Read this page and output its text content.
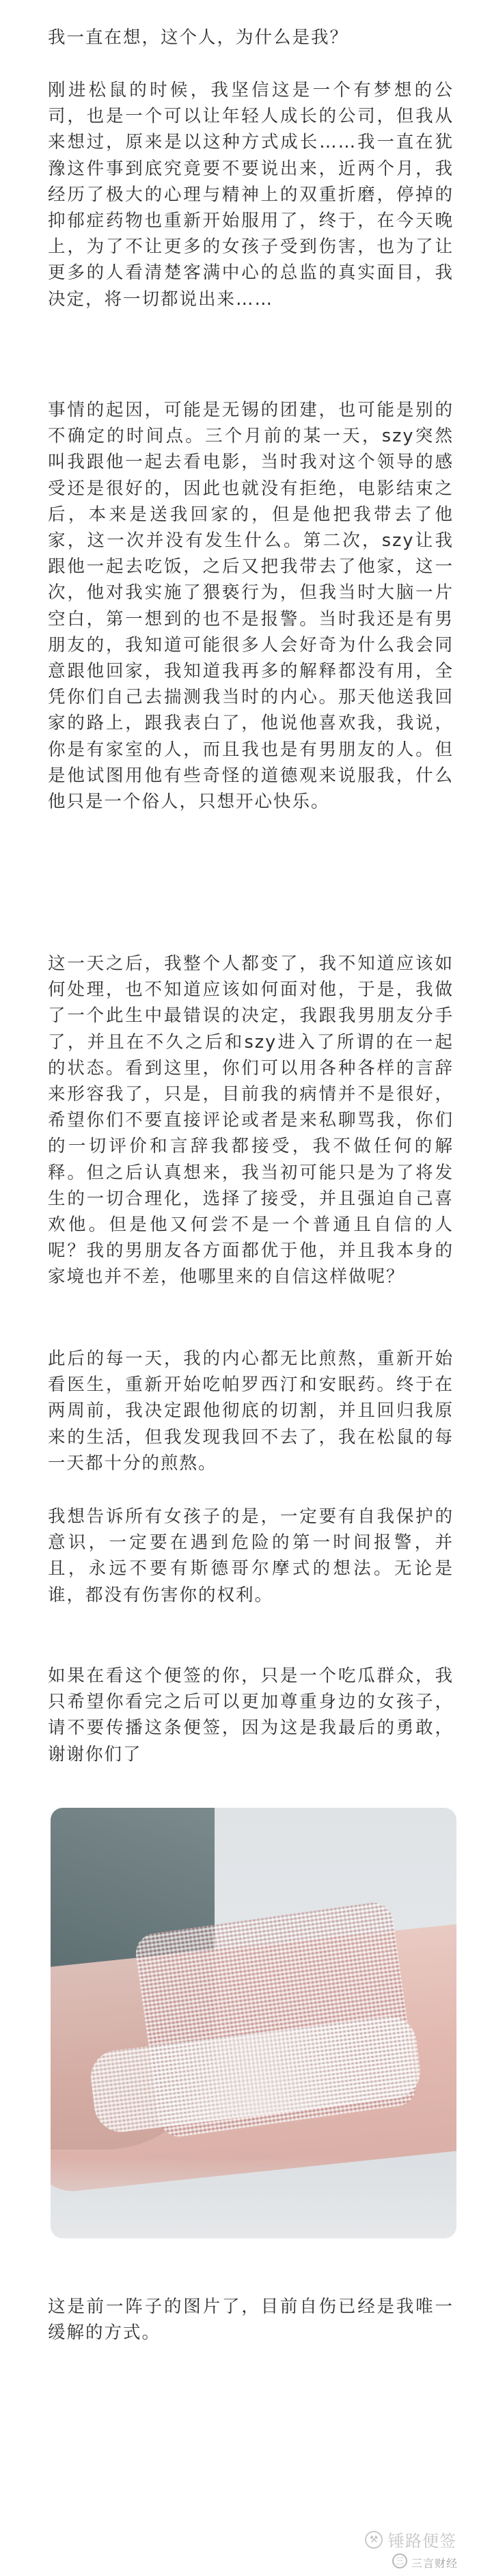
我一直在想，这个人，为什么是我？

刚进松鼠的时候，我坚信这是一个有梦想的公司，也是一个可以让年轻人成长的公司，但我从来想过，原来是以这种方式成长……我一直在犹豫这件事到底究竟要不要说出来，近两个月，我经历了极大的心理与精神上的双重折磨，停掉的抑郁症药物也重新开始服用了，终于，在今天晚上，为了不让更多的女孩子受到伤害，也为了让更多的人看清楚客满中心的总监的真实面目，我决定，将一切都说出来……

事情的起因，可能是无锡的团建，也可能是别的不确定的时间点。三个月前的某一天，szy突然叫我跟他一起去看电影，当时我对这个领导的感受还是很好的，因此也就没有拒绝，电影结束之后，本来是送我回家的，但是他把我带去了他家，这一次并没有发生什么。第二次，szy让我跟他一起去吃饭，之后又把我带去了他家，这一次，他对我实施了猥亵行为，但我当时大脑一片空白，第一想到的也不是报警。当时我还是有男朋友的，我知道可能很多人会好奇为什么我会同意跟他回家，我知道我再多的解释都没有用，全凭你们自己去揣测我当时的内心。那天他送我回家的路上，跟我表白了，他说他喜欢我，我说，你是有家室的人，而且我也是有男朋友的人。但是他试图用他有些奇怪的道德观来说服我，什么他只是一个俗人，只想开心快乐。

这一天之后，我整个人都变了，我不知道应该如何处理，也不知道应该如何面对他，于是，我做了一个此生中最错误的决定，我跟我男朋友分手了，并且在不久之后和szy进入了所谓的在一起的状态。看到这里，你们可以用各种各样的言辞来形容我了，只是，目前我的病情并不是很好，希望你们不要直接评论或者是来私聊骂我，你们的一切评价和言辞我都接受，我不做任何的解释。但之后认真想来，我当初可能只是为了将发生的一切合理化，选择了接受，并且强迫自己喜欢他。但是他又何尝不是一个普通且自信的人呢？我的男朋友各方面都优于他，并且我本身的家境也并不差，他哪里来的自信这样做呢？

此后的每一天，我的内心都无比煎熬，重新开始看医生，重新开始吃帕罗西汀和安眠药。终于在两周前，我决定跟他彻底的切割，并且回归我原来的生活，但我发现我回不去了，我在松鼠的每一天都十分的煎熬。

我想告诉所有女孩子的是，一定要有自我保护的意识，一定要在遇到危险的第一时间报警，并且，永远不要有斯德哥尔摩式的想法。无论是谁，都没有伤害你的权利。

如果在看这个便签的你，只是一个吃瓜群众，我只希望你看完之后可以更加尊重身边的女孩子，请不要传播这条便签，因为这是我最后的勇敢，谢谢你们了

这是前一阵子的图片了，目前自伤已经是我唯一缓解的方式。

⚒ 锤路便签
三 三言财经
